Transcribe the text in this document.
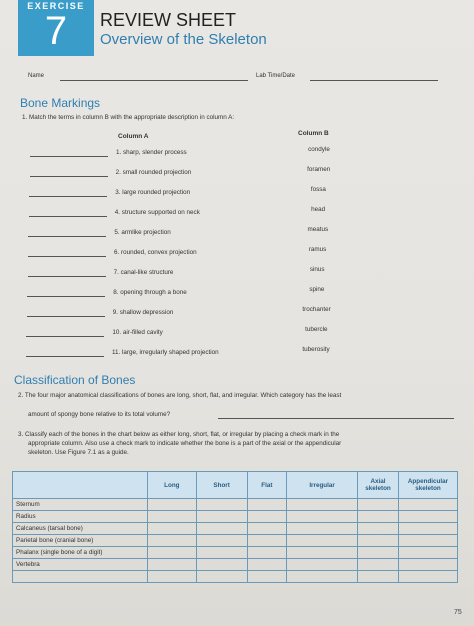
EXERCISE
7	REVIEW SHEET
Overview of the Skeleton
Name	Lab Time/Date
Bone Markings
1. Match the terms in column B with the appropriate description in column A:
Column A	Column B
1. sharp, slender process	condyle
2. small rounded projection	foramen
3. large rounded projection	fossa
4. structure supported on neck	head
5. armlike projection	meatus
6. rounded, convex projection	ramus
7. canal-like structure	sinus
8. opening through a bone	spine
9. shallow depression	trochanter
10. air-filled cavity	tubercle
11. large, irregularly shaped projection	tuberosity
Classification of Bones
2. The four major anatomical classifications of bones are long, short, flat, and irregular. Which category has the least
amount of spongy bone relative to its total volume?
3. Classify each of the bones in the chart below as either long, short, flat, or irregular by placing a check mark in the
appropriate column. Also use a check mark to indicate whether the bone is a part of the axial or the appendicular
skeleton. Use Figure 7.1 as a guide.
	Long	Short	Flat	Irregular	Axial skeleton	Appendicular skeleton
Sternum						
Radius						
Calcaneus (tarsal bone)						
Parietal bone (cranial bone)						
Phalanx (single bone of a digit)						
Vertebra						

75
